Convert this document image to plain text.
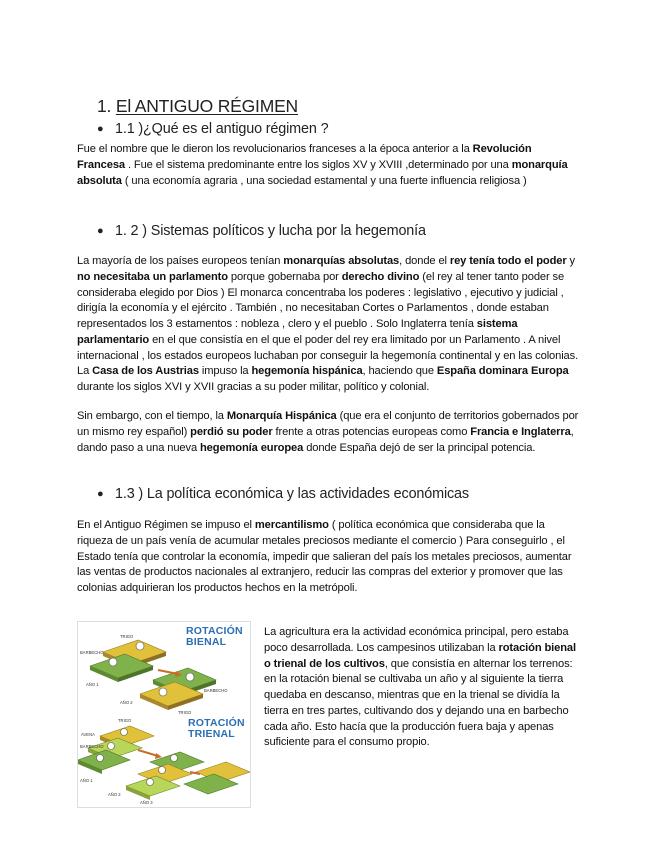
1. El ANTIGUO RÉGIMEN
● 1.1 )¿Qué es el antiguo régimen ?
Fue el nombre que le dieron los revolucionarios franceses a la época anterior a la Revolución Francesa . Fue el sistema predominante entre los siglos XV y XVIII ,determinado por una monarquía absoluta ( una economía agraria , una sociedad estamental y una fuerte influencia religiosa )
● 1. 2 ) Sistemas políticos y lucha por la hegemonía
La mayoría de los países europeos tenían monarquías absolutas, donde el rey tenía todo el poder y no necesitaba un parlamento porque gobernaba por derecho divino (el rey al tener tanto poder se consideraba elegido por Dios ) El monarca concentraba los poderes : legislativo , ejecutivo y judicial , dirigía la economía y el ejército . También , no necesitaban Cortes o Parlamentos , donde estaban representados los 3 estamentos : nobleza , clero y el pueblo . Solo Inglaterra tenía sistema parlamentario en el que consistía en el que el poder del rey era limitado por un Parlamento . A nivel internacional , los estados europeos luchaban por conseguir la hegemonía continental y en las colonias. La Casa de los Austrias impuso la hegemonía hispánica, haciendo que España dominara Europa durante los siglos XVI y XVII gracias a su poder militar, político y colonial.
Sin embargo, con el tiempo, la Monarquía Hispánica (que era el conjunto de territorios gobernados por un mismo rey español) perdió su poder frente a otras potencias europeas como Francia e Inglaterra, dando paso a una nueva hegemonía europea donde España dejó de ser la principal potencia.
● 1.3 ) La política económica y las actividades económicas
En el Antiguo Régimen se impuso el mercantilismo ( política económica que consideraba que la riqueza de un país venía de acumular metales preciosos mediante el comercio ) Para conseguirlo , el Estado tenía que controlar la economía, impedir que salieran del país los metales preciosos, aumentar las ventas de productos nacionales al extranjero, reducir las compras del exterior y promover que las colonias adquirieran los productos hechos en la metrópoli.
TRIGO
BARBECHO
BARBECHO
TRIGO
AÑO 1
AÑO 2
TRIGO
AVENA
BARBECHO
AÑO 1
AÑO 2
AÑO 3
ROTACIÓN
BIENAL
ROTACIÓN
TRIENAL
La agricultura era la actividad económica principal, pero estaba poco desarrollada. Los campesinos utilizaban la rotación bienal o trienal de los cultivos, que consistía en alternar los terrenos: en la rotación bienal se cultivaba un año y al siguiente la tierra quedaba en descanso, mientras que en la trienal se dividía la tierra en tres partes, cultivando dos y dejando una en barbecho cada año. Esto hacía que la producción fuera baja y apenas suficiente para el consumo propio.
